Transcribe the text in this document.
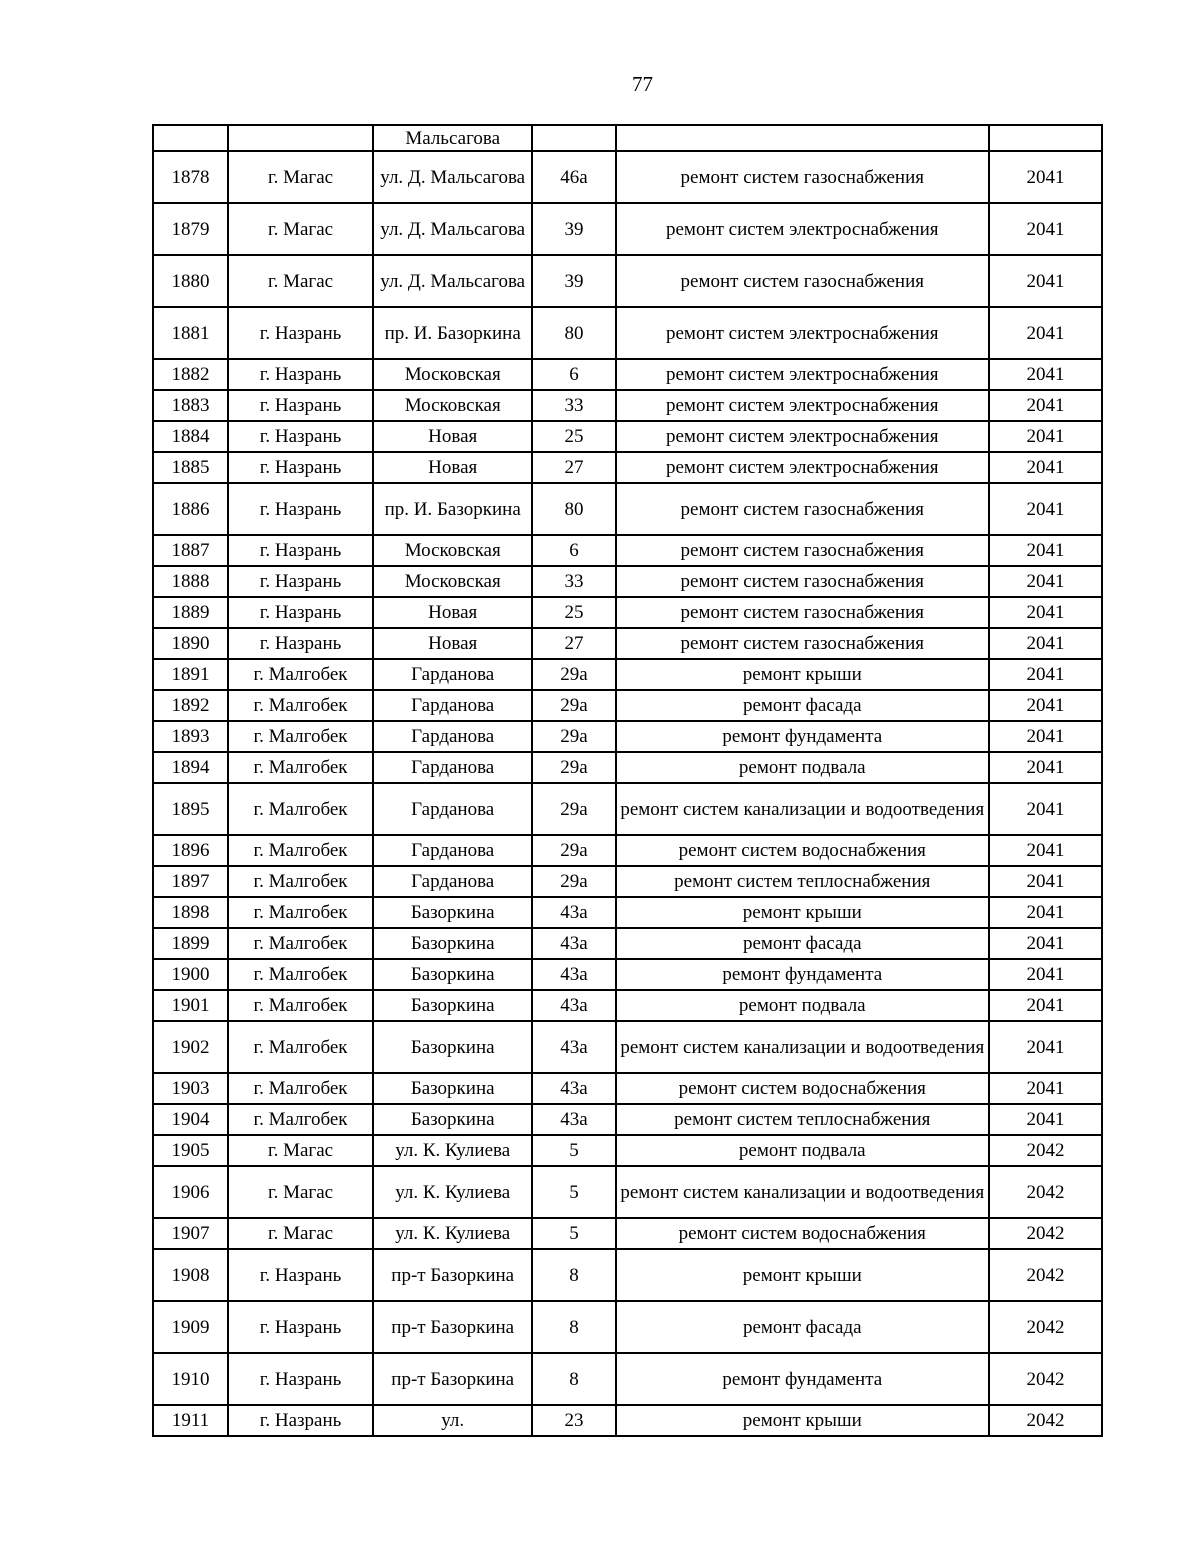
77
		Мальсагова			
1878	г. Магас	ул. Д. Мальсагова	46а	ремонт систем газоснабжения	2041
1879	г. Магас	ул. Д. Мальсагова	39	ремонт систем электроснабжения	2041
1880	г. Магас	ул. Д. Мальсагова	39	ремонт систем газоснабжения	2041
1881	г. Назрань	пр. И. Базоркина	80	ремонт систем электроснабжения	2041
1882	г. Назрань	Московская	6	ремонт систем электроснабжения	2041
1883	г. Назрань	Московская	33	ремонт систем электроснабжения	2041
1884	г. Назрань	Новая	25	ремонт систем электроснабжения	2041
1885	г. Назрань	Новая	27	ремонт систем электроснабжения	2041
1886	г. Назрань	пр. И. Базоркина	80	ремонт систем газоснабжения	2041
1887	г. Назрань	Московская	6	ремонт систем газоснабжения	2041
1888	г. Назрань	Московская	33	ремонт систем газоснабжения	2041
1889	г. Назрань	Новая	25	ремонт систем газоснабжения	2041
1890	г. Назрань	Новая	27	ремонт систем газоснабжения	2041
1891	г. Малгобек	Гарданова	29а	ремонт крыши	2041
1892	г. Малгобек	Гарданова	29а	ремонт фасада	2041
1893	г. Малгобек	Гарданова	29а	ремонт фундамента	2041
1894	г. Малгобек	Гарданова	29а	ремонт подвала	2041
1895	г. Малгобек	Гарданова	29а	ремонт систем канализации и водоотведения	2041
1896	г. Малгобек	Гарданова	29а	ремонт систем водоснабжения	2041
1897	г. Малгобек	Гарданова	29а	ремонт систем теплоснабжения	2041
1898	г. Малгобек	Базоркина	43а	ремонт крыши	2041
1899	г. Малгобек	Базоркина	43а	ремонт фасада	2041
1900	г. Малгобек	Базоркина	43а	ремонт фундамента	2041
1901	г. Малгобек	Базоркина	43а	ремонт подвала	2041
1902	г. Малгобек	Базоркина	43а	ремонт систем канализации и водоотведения	2041
1903	г. Малгобек	Базоркина	43а	ремонт систем водоснабжения	2041
1904	г. Малгобек	Базоркина	43а	ремонт систем теплоснабжения	2041
1905	г. Магас	ул. К. Кулиева	5	ремонт подвала	2042
1906	г. Магас	ул. К. Кулиева	5	ремонт систем канализации и водоотведения	2042
1907	г. Магас	ул. К. Кулиева	5	ремонт систем водоснабжения	2042
1908	г. Назрань	пр-т Базоркина	8	ремонт крыши	2042
1909	г. Назрань	пр-т Базоркина	8	ремонт фасада	2042
1910	г. Назрань	пр-т Базоркина	8	ремонт фундамента	2042
1911	г. Назрань	ул.	23	ремонт крыши	2042
